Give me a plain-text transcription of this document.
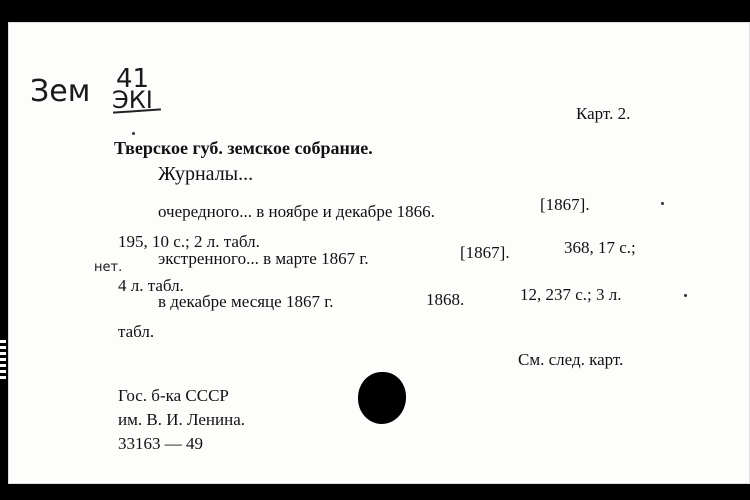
Зем 41
ЭКI	Карт. 2.
Тверское губ. земское собрание.
Журналы...
очередного... в ноябре и декабре 1866.	[1867].
195, 10 с.; 2 л. табл.
нет. экстренного... в марте 1867 г.	[1867].	368, 17 с.;
4 л. табл.
в декабре месяце 1867 г.	1868.	12, 237 с.; 3 л.
табл.
См. след. карт.
Гос. б-ка СССР
им. В. И. Ленина.
33163 — 49
